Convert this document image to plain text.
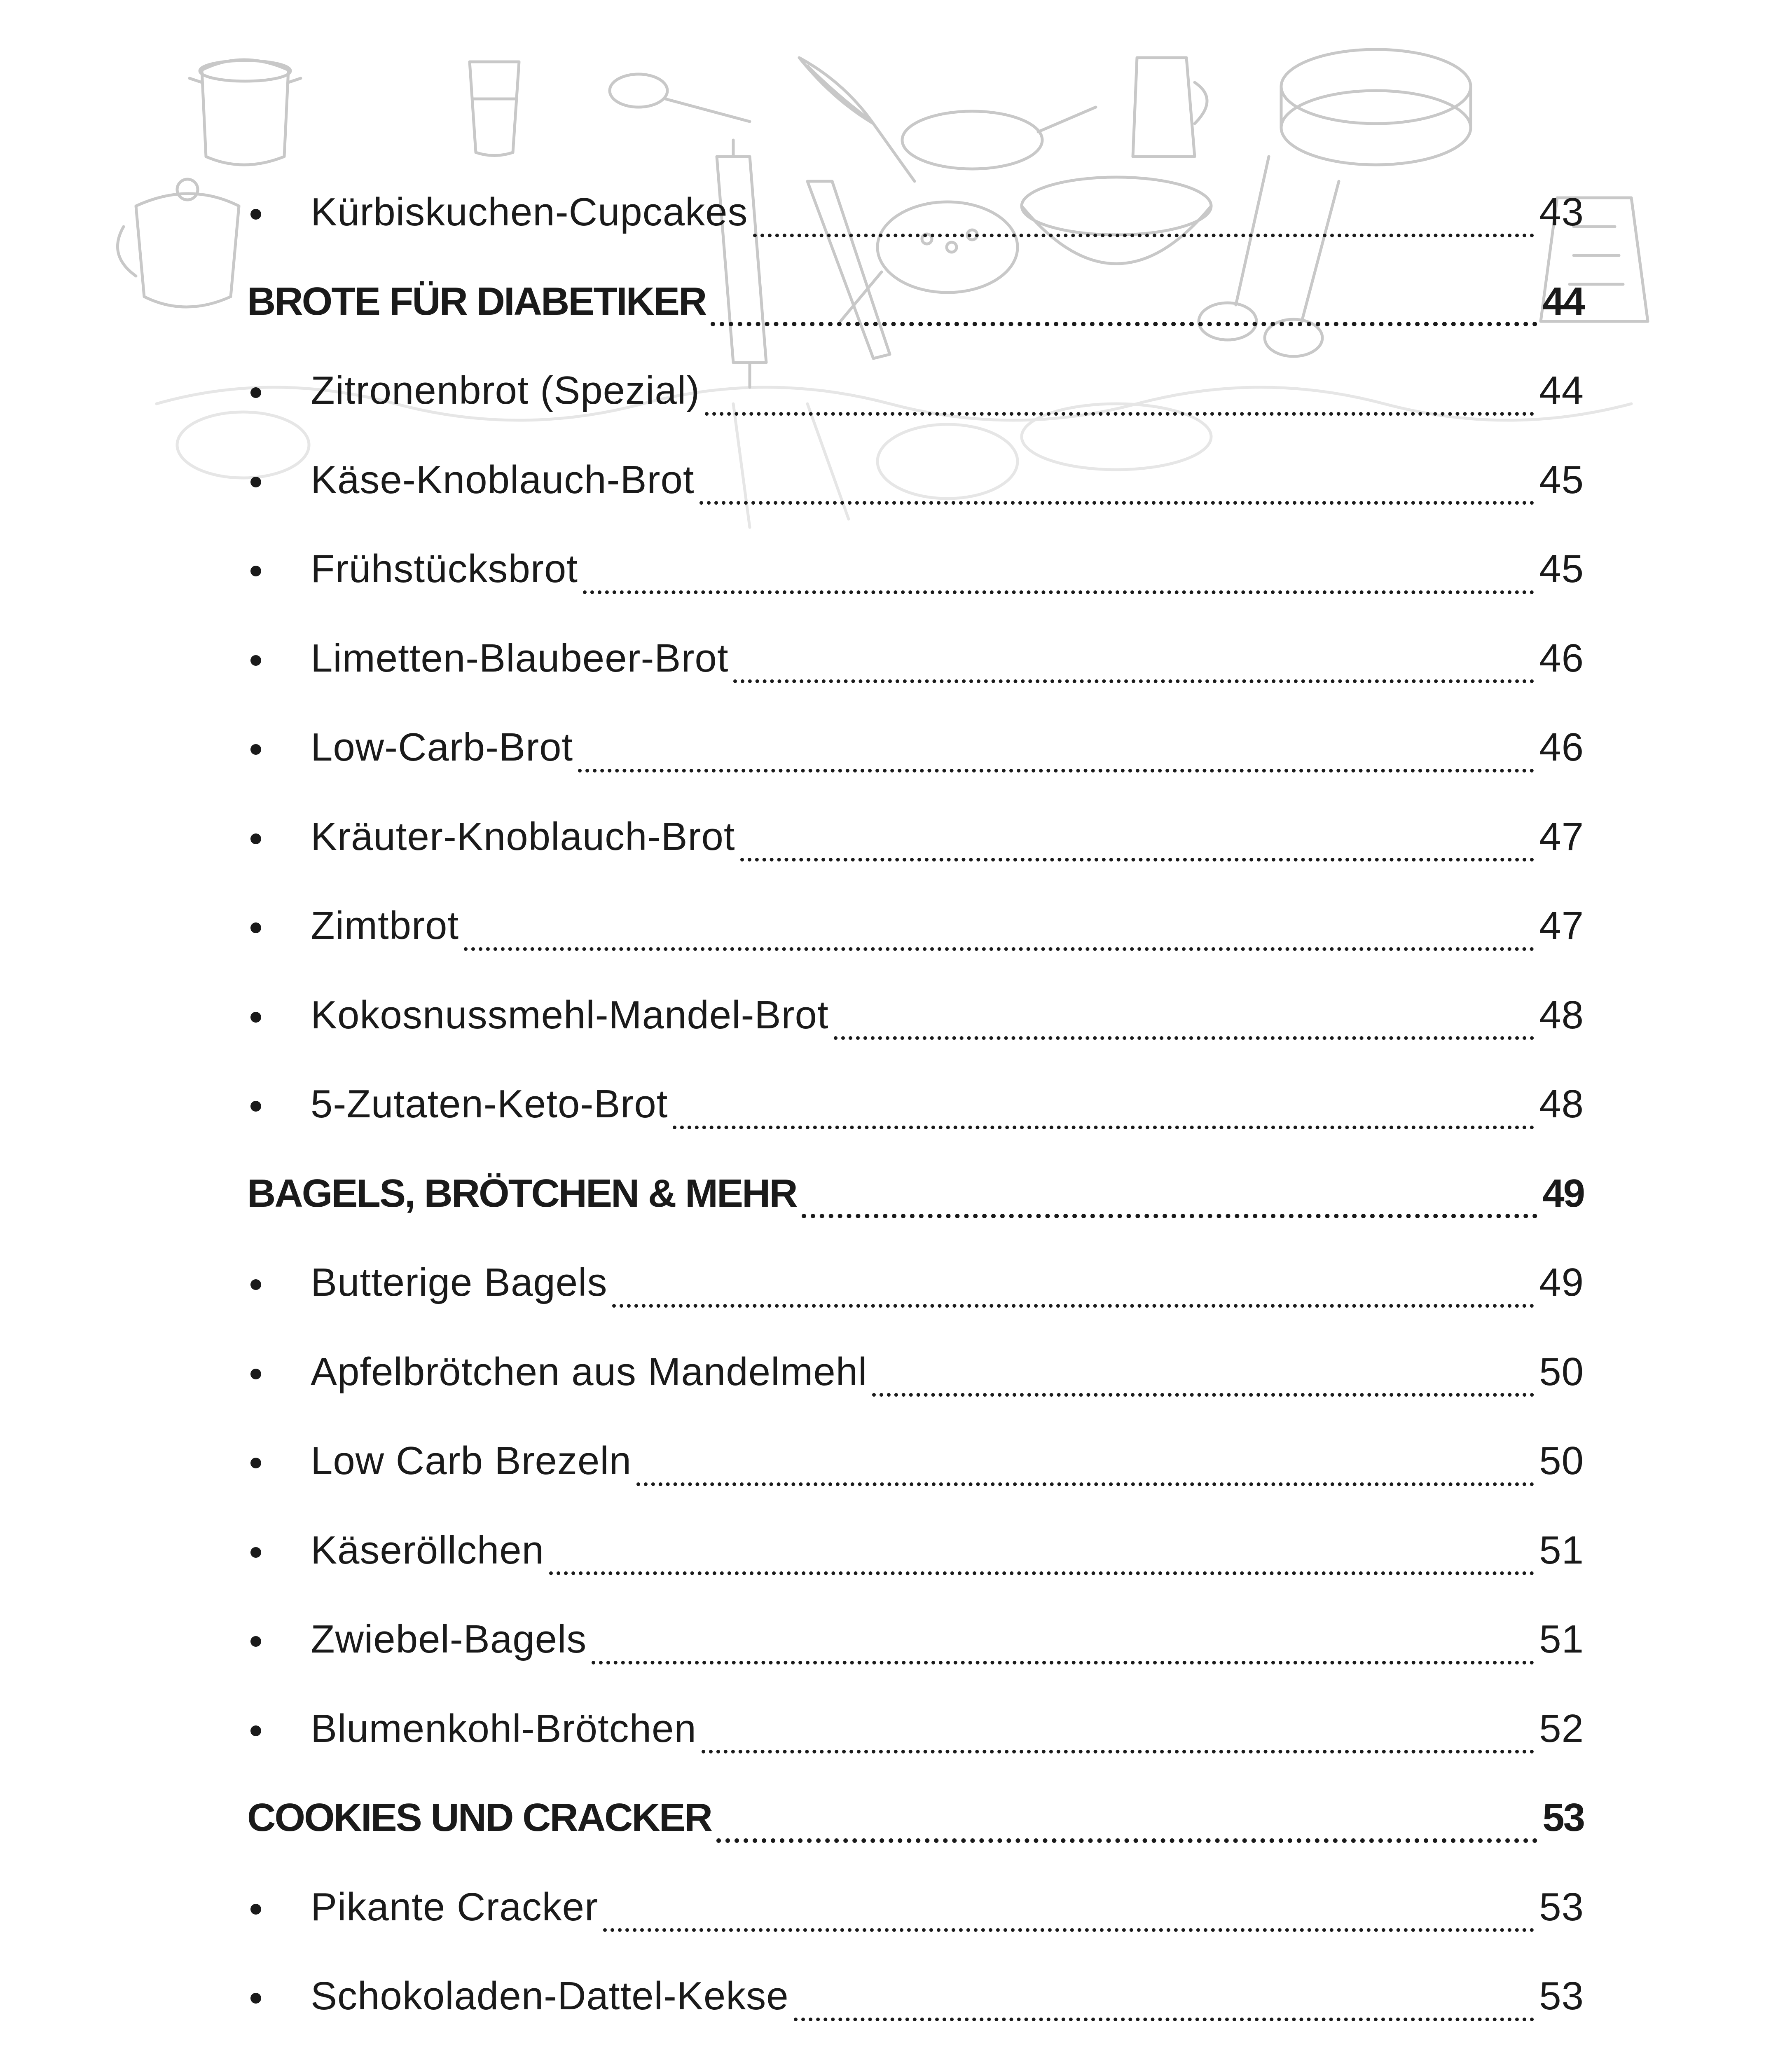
Kürbiskuchen-Cupcakes	43
BROTE FÜR DIABETIKER	44
Zitronenbrot (Spezial)	44
Käse-Knoblauch-Brot	45
Frühstücksbrot	45
Limetten-Blaubeer-Brot	46
Low-Carb-Brot	46
Kräuter-Knoblauch-Brot	47
Zimtbrot	47
Kokosnussmehl-Mandel-Brot	48
5-Zutaten-Keto-Brot	48
BAGELS, BRÖTCHEN & MEHR	49
Butterige Bagels	49
Apfelbrötchen aus Mandelmehl	50
Low Carb Brezeln	50
Käseröllchen	51
Zwiebel-Bagels	51
Blumenkohl-Brötchen	52
COOKIES UND CRACKER	53
Pikante Cracker	53
Schokoladen-Dattel-Kekse	53
